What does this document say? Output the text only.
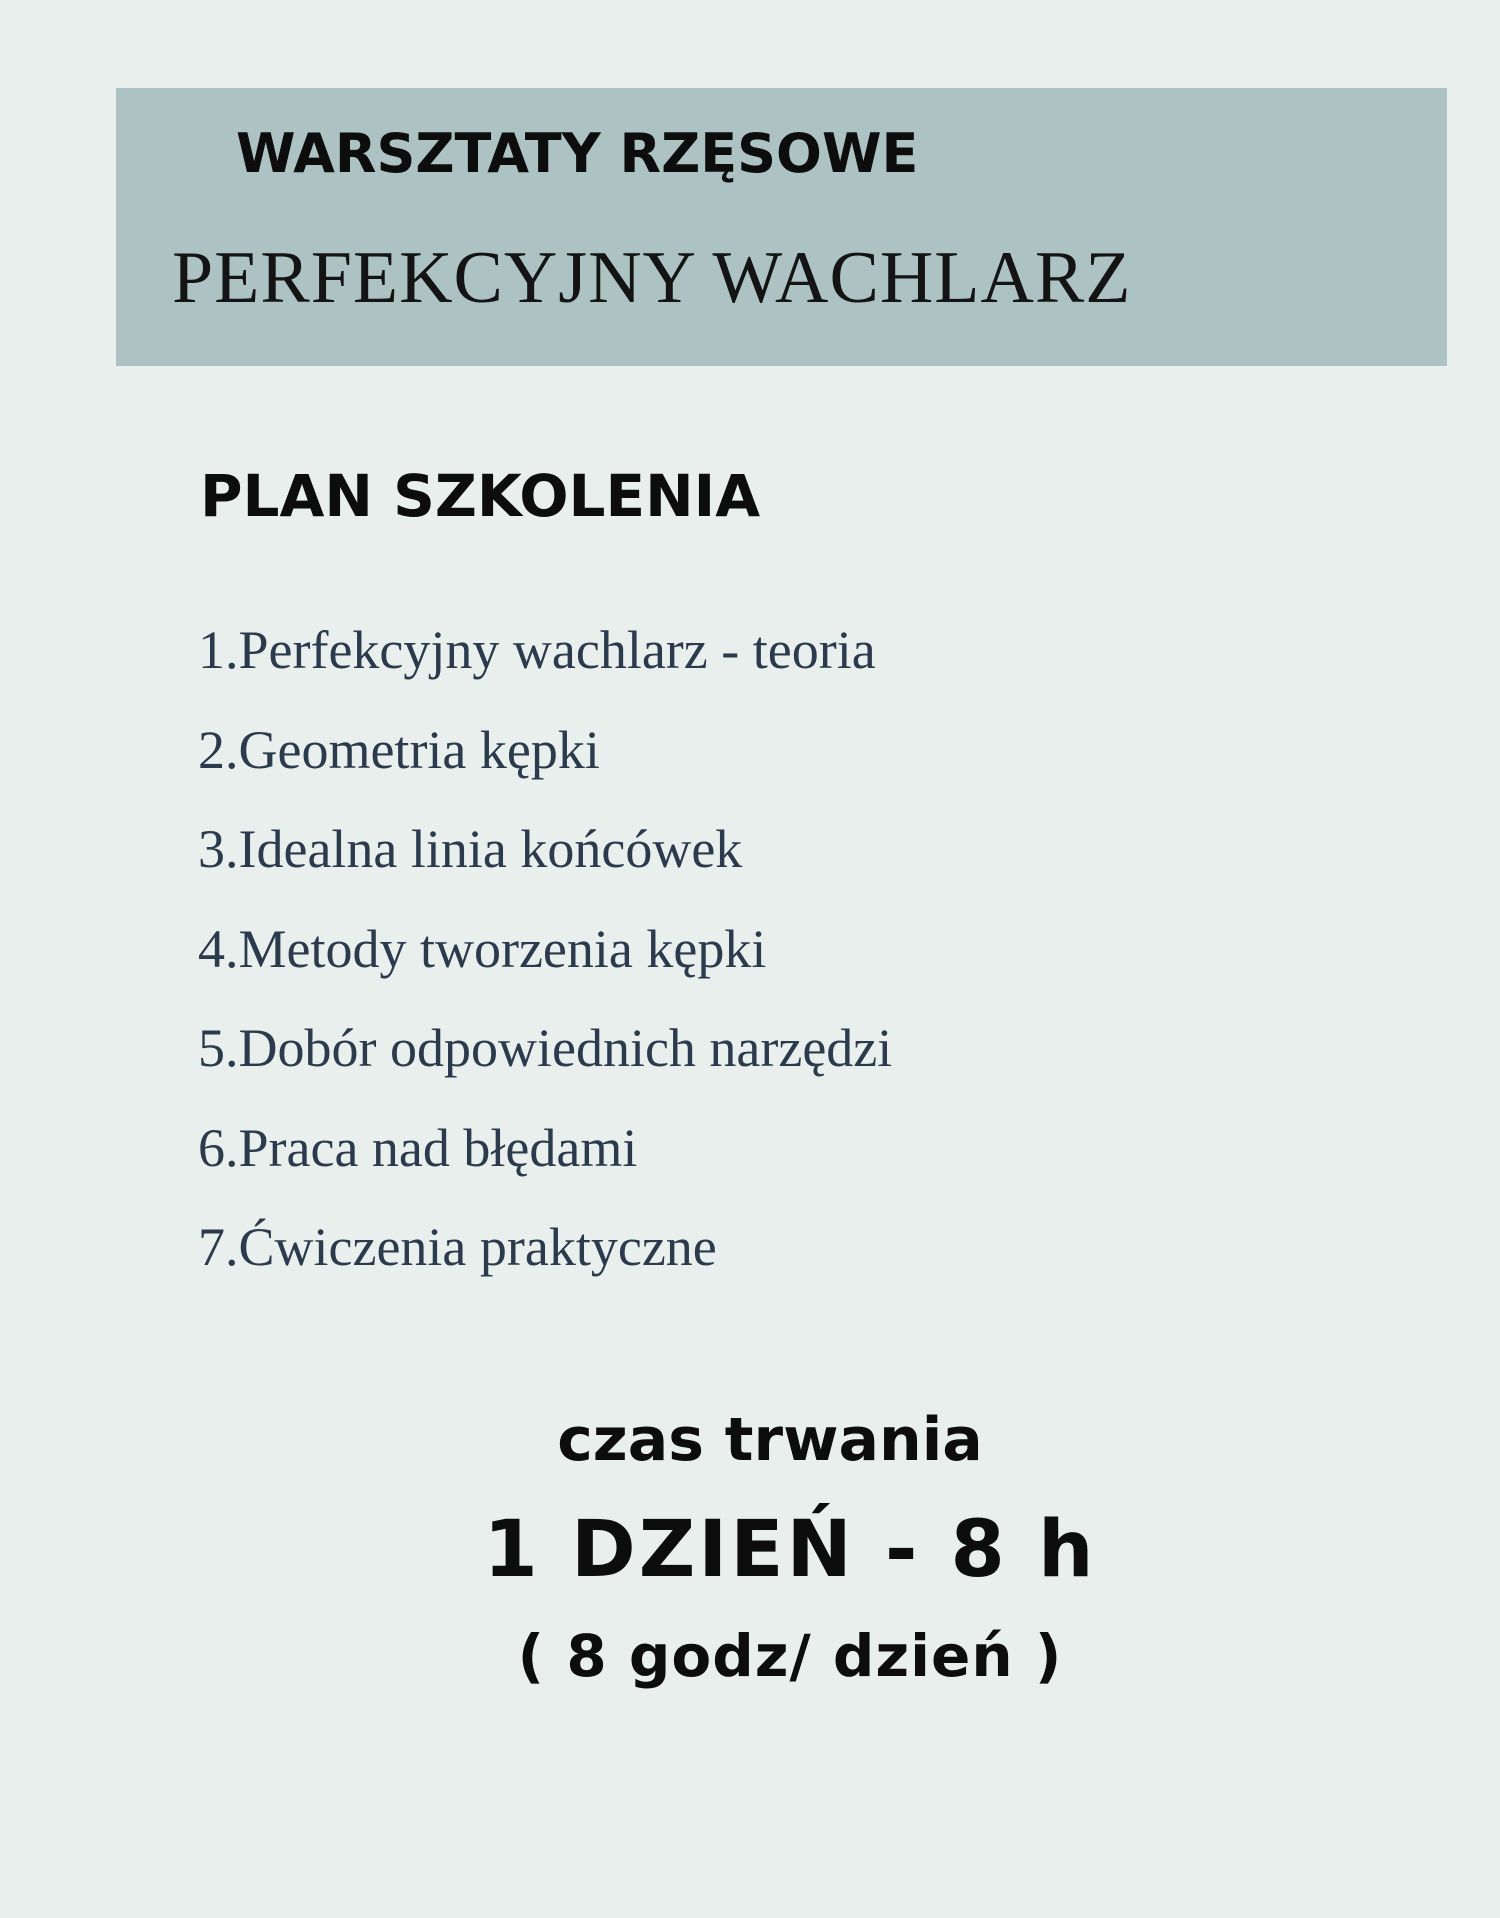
WARSZTATY RZĘSOWE
PERFEKCYJNY WACHLARZ
PLAN SZKOLENIA
1.Perfekcyjny wachlarz - teoria
2.Geometria kępki
3.Idealna linia końcówek
4.Metody tworzenia kępki
5.Dobór odpowiednich narzędzi
6.Praca nad błędami
7.Ćwiczenia praktyczne
czas trwania
1 DZIEŃ - 8 h
( 8 godz/ dzień )
